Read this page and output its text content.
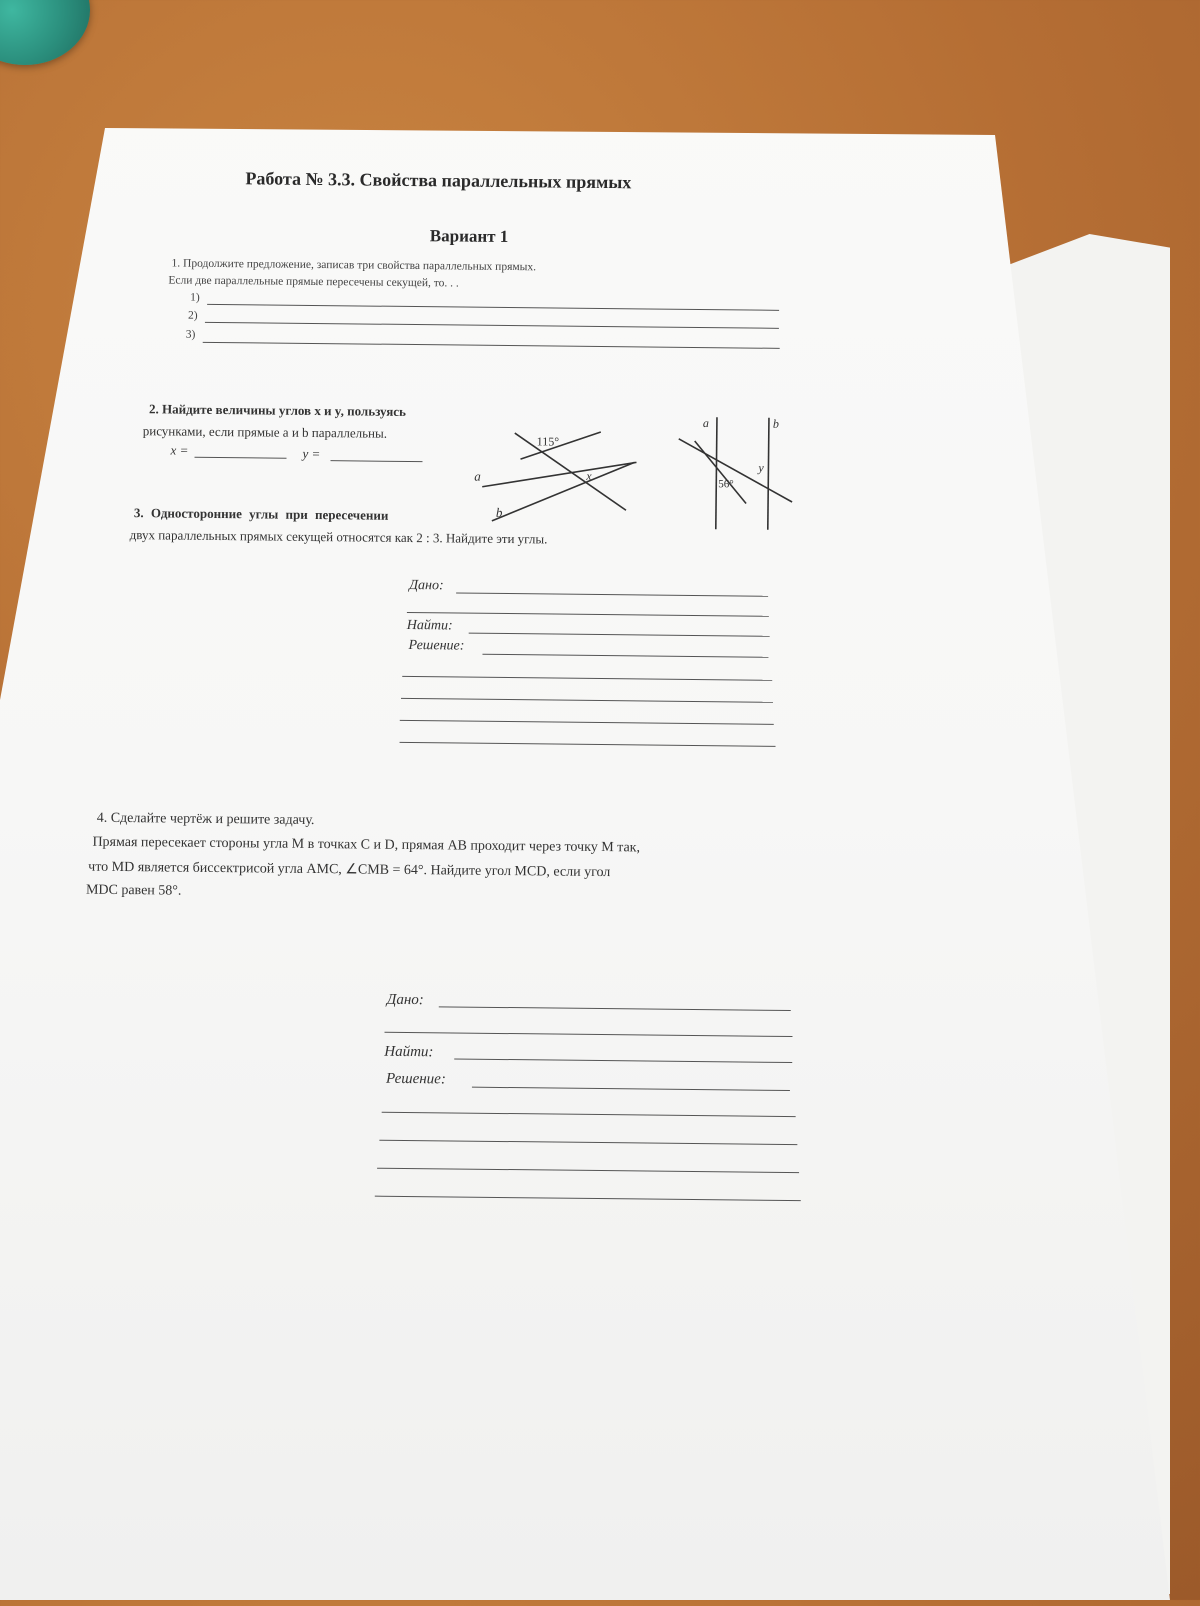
Работа № 3.3. Свойства параллельных прямых
Вариант 1
1. Продолжите предложение, записав три свойства параллельных прямых.
Если две параллельные прямые пересечены секущей, то. . .
1)
2)
3)
2. Найдите величины углов x и y, пользуясь
рисунками, если прямые a и b параллельны.
x =	y =
115°
x
a
b
a	b
56°
y
3. Односторонние углы при пересечении
двух параллельных прямых секущей относятся как 2 : 3. Найдите эти углы.
Дано:
Найти:
Решение:
4. Сделайте чертёж и решите задачу.
Прямая пересекает стороны угла M в точках C и D, прямая AB проходит через точку M так,
что MD является биссектрисой угла AMC, ∠CMB = 64°. Найдите угол MCD, если угол
MDC равен 58°.
Дано:
Найти:
Решение:
